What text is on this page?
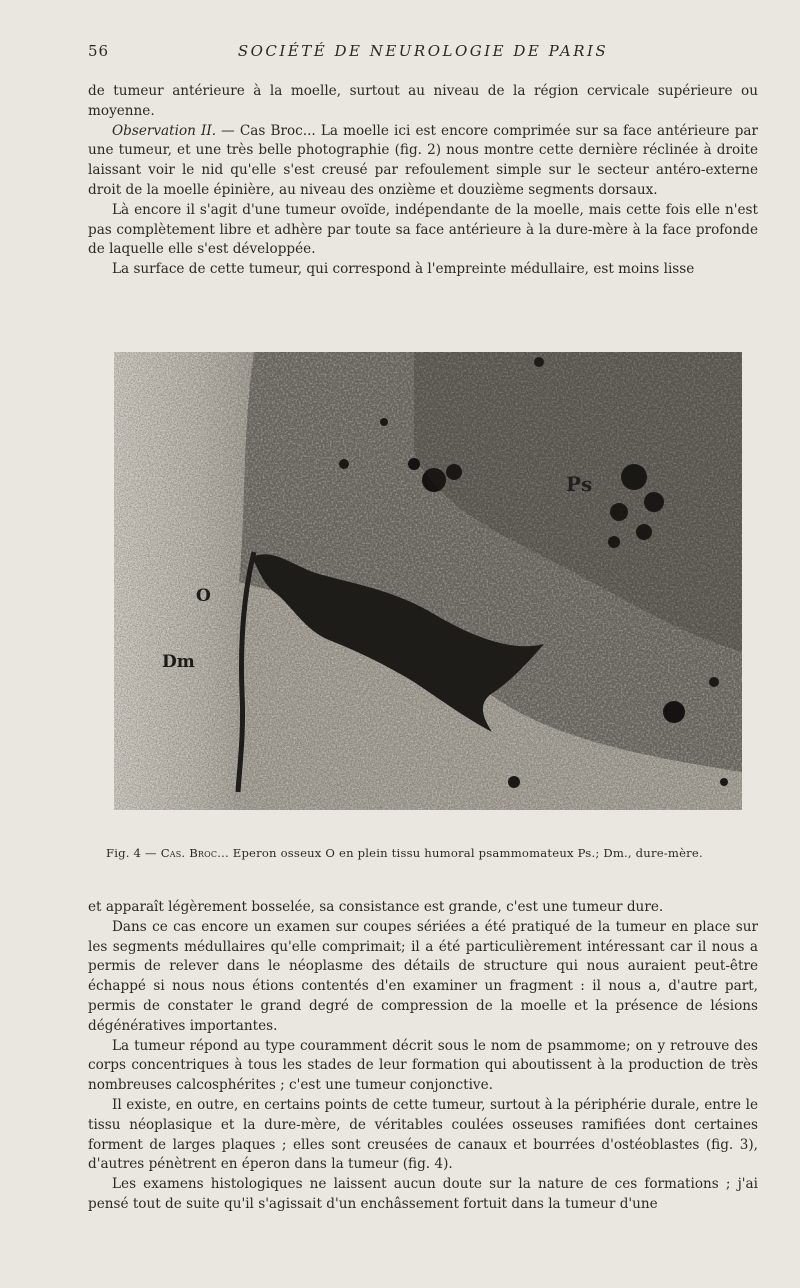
56	SOCIÉTÉ DE NEUROLOGIE DE PARIS

de tumeur antérieure à la moelle, surtout au niveau de la région cervicale supérieure ou moyenne.

Observation II. — Cas Broc... La moelle ici est encore comprimée sur sa face antérieure par une tumeur, et une très belle photographie (fig. 2) nous montre cette dernière réclinée à droite laissant voir le nid qu'elle s'est creusé par refoulement simple sur le secteur antéro-externe droit de la moelle épinière, au niveau des onzième et douzième segments dorsaux.

Là encore il s'agit d'une tumeur ovoïde, indépendante de la moelle, mais cette fois elle n'est pas complètement libre et adhère par toute sa face antérieure à la dure-mère à la face profonde de laquelle elle s'est développée.

La surface de cette tumeur, qui correspond à l'empreinte médullaire, est moins lisse

Ps
O
Dm
Fig. 4 — Cas. Broc... Eperon osseux O en plein tissu humoral psammomateux Ps.; Dm., dure-mère.

et apparaît légèrement bosselée, sa consistance est grande, c'est une tumeur dure.

Dans ce cas encore un examen sur coupes sériées a été pratiqué de la tumeur en place sur les segments médullaires qu'elle comprimait; il a été particulièrement intéressant car il nous a permis de relever dans le néoplasme des détails de structure qui nous auraient peut-être échappé si nous nous étions contentés d'en examiner un fragment : il nous a, d'autre part, permis de constater le grand degré de compression de la moelle et la présence de lésions dégénératives importantes.

La tumeur répond au type couramment décrit sous le nom de psammome; on y retrouve des corps concentriques à tous les stades de leur formation qui aboutissent à la production de très nombreuses calcosphérites ; c'est une tumeur conjonctive.

Il existe, en outre, en certains points de cette tumeur, surtout à la périphérie durale, entre le tissu néoplasique et la dure-mère, de véritables coulées osseuses ramifiées dont certaines forment de larges plaques ; elles sont creusées de canaux et bourrées d'ostéoblastes (fig. 3), d'autres pénètrent en éperon dans la tumeur (fig. 4).

Les examens histologiques ne laissent aucun doute sur la nature de ces formations ; j'ai pensé tout de suite qu'il s'agissait d'un enchâssement fortuit dans la tumeur d'une
